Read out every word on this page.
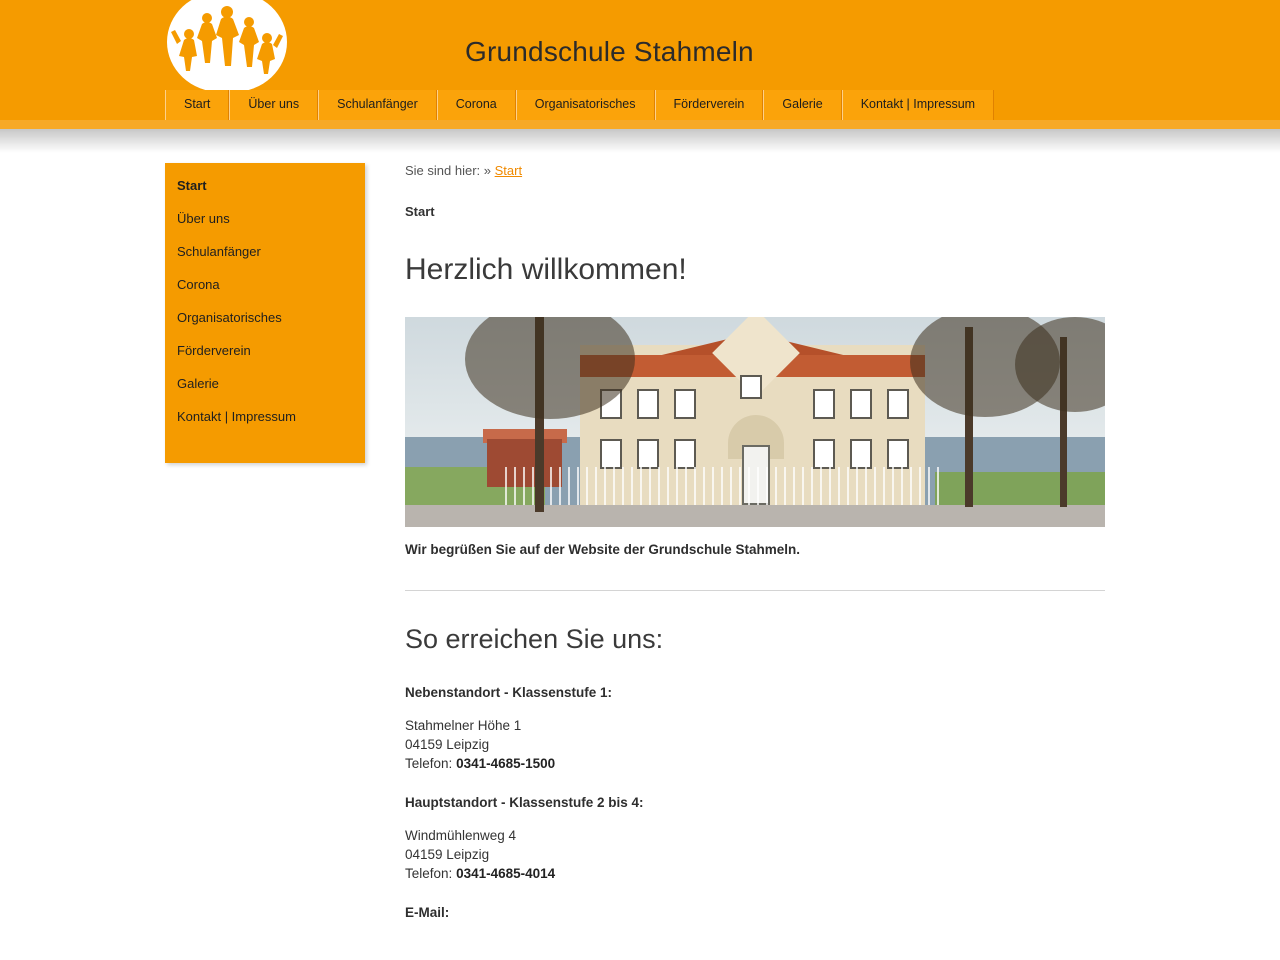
Grundschule Stahmeln
Start	Über uns	Schulanfänger	Corona	Organisatorisches	Förderverein	Galerie	Kontakt | Impressum
Start
Über uns
Schulanfänger
Corona
Organisatorisches
Förderverein
Galerie
Kontakt | Impressum
Sie sind hier: » Start
Start
Herzlich willkommen!
Wir begrüßen Sie auf der Website der Grundschule Stahmeln.
So erreichen Sie uns:
Nebenstandort - Klassenstufe 1:
Stahmelner Höhe 1
04159 Leipzig
Telefon: 0341-4685-1500
Hauptstandort - Klassenstufe 2 bis 4:
Windmühlenweg 4
04159 Leipzig
Telefon: 0341-4685-4014
E-Mail:
